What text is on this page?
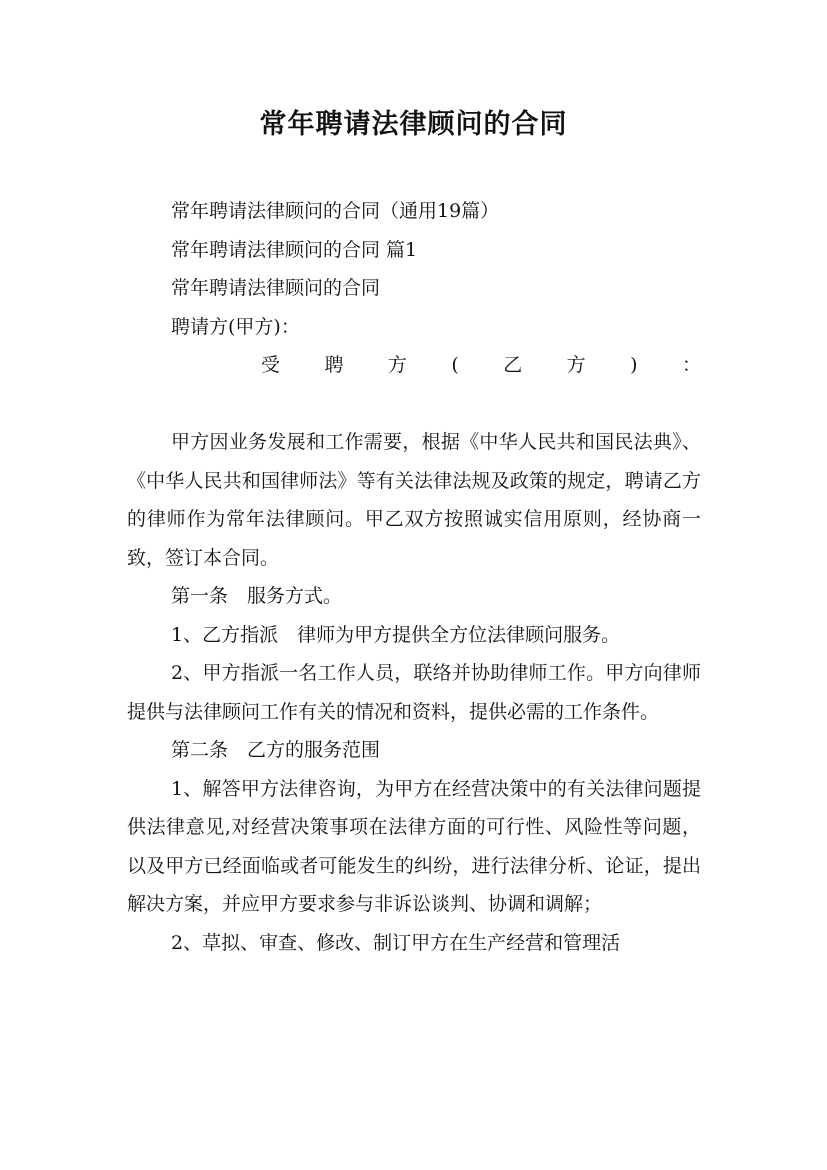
常年聘请法律顾问的合同

常年聘请法律顾问的合同（通用19篇）

常年聘请法律顾问的合同 篇1

常年聘请法律顾问的合同

聘请方(甲方)：

受 聘 方 ( 乙 方 ) ：

甲方因业务发展和工作需要，根据《中华人民共和国民法典》、《中华人民共和国律师法》等有关法律法规及政策的规定，聘请乙方的律师作为常年法律顾问。甲乙双方按照诚实信用原则，经协商一致，签订本合同。

第一条　服务方式。

1、乙方指派　律师为甲方提供全方位法律顾问服务。

2、甲方指派一名工作人员，联络并协助律师工作。甲方向律师提供与法律顾问工作有关的情况和资料，提供必需的工作条件。

第二条　乙方的服务范围

1、解答甲方法律咨询，为甲方在经营决策中的有关法律问题提供法律意见,对经营决策事项在法律方面的可行性、风险性等问题，以及甲方已经面临或者可能发生的纠纷，进行法律分析、论证，提出解决方案，并应甲方要求参与非诉讼谈判、协调和调解；

2、草拟、审查、修改、制订甲方在生产经营和管理活
